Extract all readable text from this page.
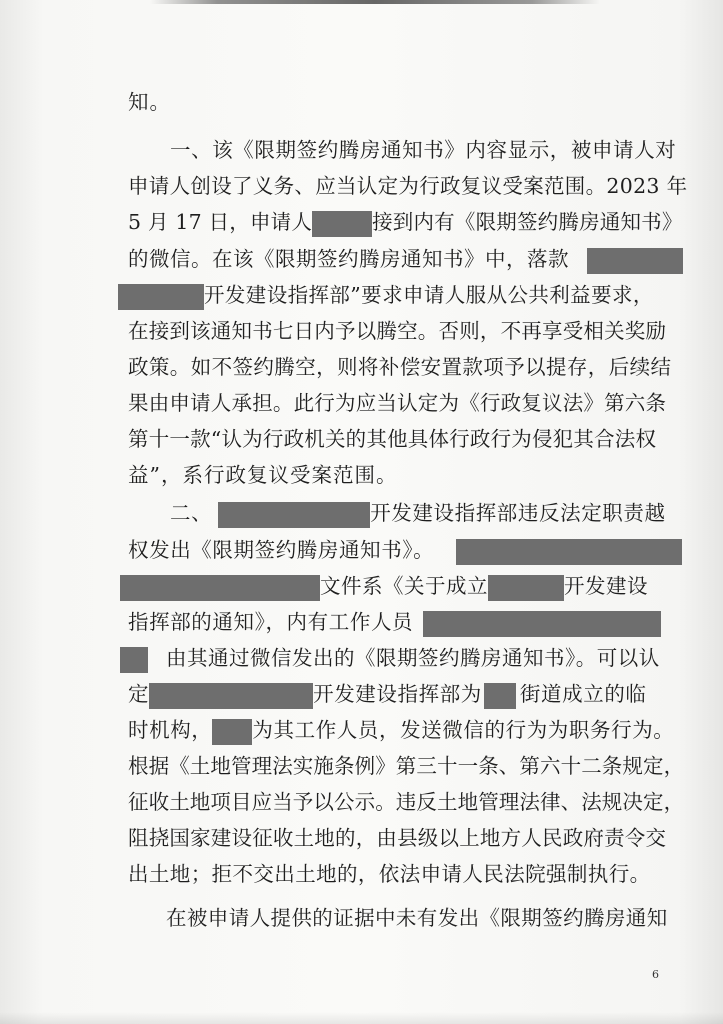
知。
一、该《限期签约腾房通知书》内容显示，被申请人对
申请人创设了义务、应当认定为行政复议受案范围。2023 年
5 月 17 日，申请人	接到内有《限期签约腾房通知书》
的微信。在该《限期签约腾房通知书》中，落款
开发建设指挥部”要求申请人服从公共利益要求，
在接到该通知书七日内予以腾空。否则，不再享受相关奖励
政策。如不签约腾空，则将补偿安置款项予以提存，后续结
果由申请人承担。此行为应当认定为《行政复议法》第六条
第十一款“认为行政机关的其他具体行政行为侵犯其合法权
益”，系行政复议受案范围。
二、	开发建设指挥部违反法定职责越
权发出《限期签约腾房通知书》。
文件系《关于成立	开发建设
指挥部的通知》，内有工作人员
由其通过微信发出的《限期签约腾房通知书》。可以认
定	开发建设指挥部为 街道成立的临
时机构， 为其工作人员，发送微信的行为为职务行为。
根据《土地管理法实施条例》第三十一条、第六十二条规定，
征收土地项目应当予以公示。违反土地管理法律、法规决定，
阻挠国家建设征收土地的，由县级以上地方人民政府责令交
出土地；拒不交出土地的，依法申请人民法院强制执行。
在被申请人提供的证据中未有发出《限期签约腾房通知
6
